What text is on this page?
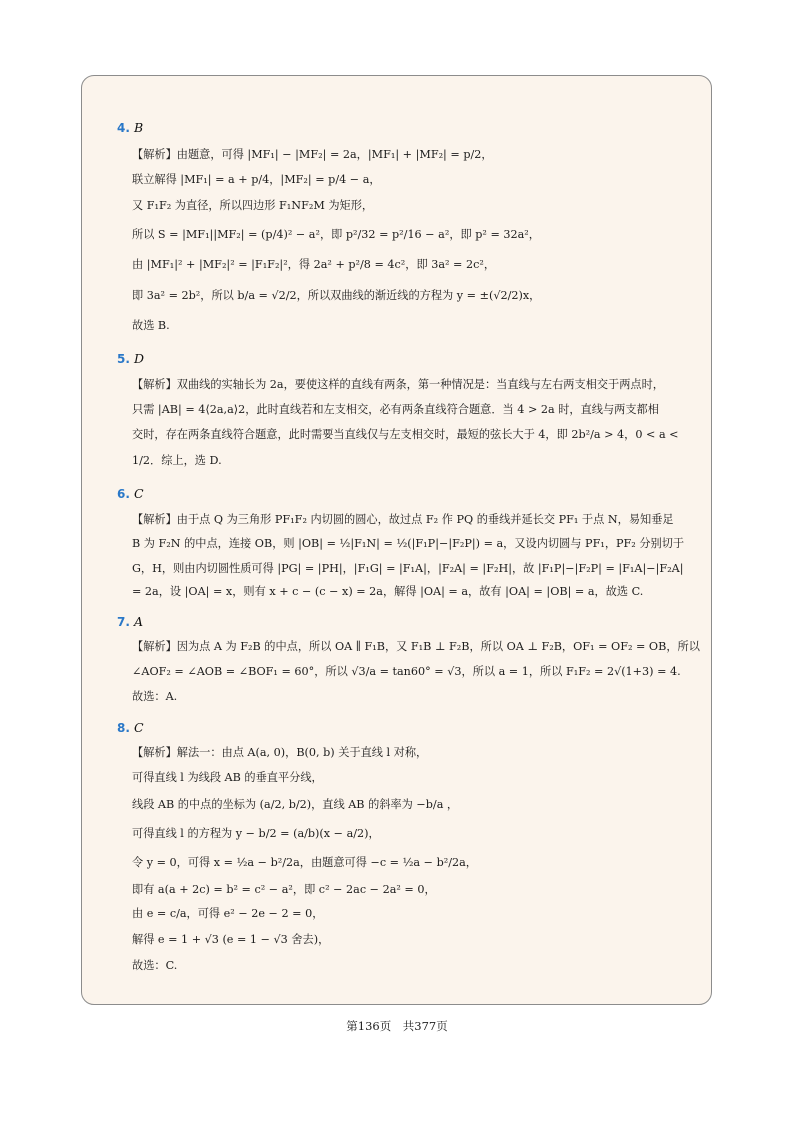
4. B
【解析】由题意，可得 |MF₁| − |MF₂| = 2a，|MF₁| + |MF₂| = p/2，
联立解得 |MF₁| = a + p/4，|MF₂| = p/4 − a，
又 F₁F₂ 为直径，所以四边形 F₁NF₂M 为矩形，
所以 S = |MF₁||MF₂| = (p/4)² − a²，即 p²/32 = p²/16 − a²，即 p² = 32a²，
由 |MF₁|² + |MF₂|² = |F₁F₂|²，得 2a² + p²/8 = 4c²，即 3a² = 2c²，
即 3a² = 2b²，所以 b/a = √2/2，所以双曲线的渐近线的方程为 y = ±(√2/2)x，
故选 B.
5. D
【解析】双曲线的实轴长为 2a，要使这样的直线有两条，第一种情况是：当直线与左右两支相交于两点时，
只需 |AB| = 4⟨2a,a⟩2，此时直线若和左支相交，必有两条直线符合题意．当 4 > 2a 时，直线与两支都相
交时，存在两条直线符合题意，此时需要当直线仅与左支相交时，最短的弦长大于 4，即 2b²/a > 4，0 < a <
1/2．综上，选 D.
6. C
【解析】由于点 Q 为三角形 PF₁F₂ 内切圆的圆心，故过点 F₂ 作 PQ 的垂线并延长交 PF₁ 于点 N，易知垂足
B 为 F₂N 的中点，连接 OB，则 |OB| = ½|F₁N| = ½(|F₁P|−|F₂P|) = a，又设内切圆与 PF₁，PF₂ 分别切于
G，H，则由内切圆性质可得 |PG| = |PH|，|F₁G| = |F₁A|，|F₂A| = |F₂H|，故 |F₁P|−|F₂P| = |F₁A|−|F₂A|
= 2a，设 |OA| = x，则有 x + c − (c − x) = 2a，解得 |OA| = a，故有 |OA| = |OB| = a，故选 C.
7. A
【解析】因为点 A 为 F₂B 的中点，所以 OA ∥ F₁B，又 F₁B ⊥ F₂B，所以 OA ⊥ F₂B，OF₁ = OF₂ = OB，所以
∠AOF₂ = ∠AOB = ∠BOF₁ = 60°，所以 √3/a = tan60° = √3，所以 a = 1，所以 F₁F₂ = 2√(1+3) = 4.
故选：A.
8. C
【解析】解法一：由点 A(a, 0)，B(0, b) 关于直线 l 对称，
可得直线 l 为线段 AB 的垂直平分线，
线段 AB 的中点的坐标为 (a/2, b/2)，直线 AB 的斜率为 −b/a ，
可得直线 l 的方程为 y − b/2 = (a/b)(x − a/2)，
令 y = 0，可得 x = ½a − b²/2a，由题意可得 −c = ½a − b²/2a，
即有 a(a + 2c) = b² = c² − a²，即 c² − 2ac − 2a² = 0，
由 e = c/a，可得 e² − 2e − 2 = 0，
解得 e = 1 + √3 (e = 1 − √3 舍去)，
故选：C.
第136页　共377页
